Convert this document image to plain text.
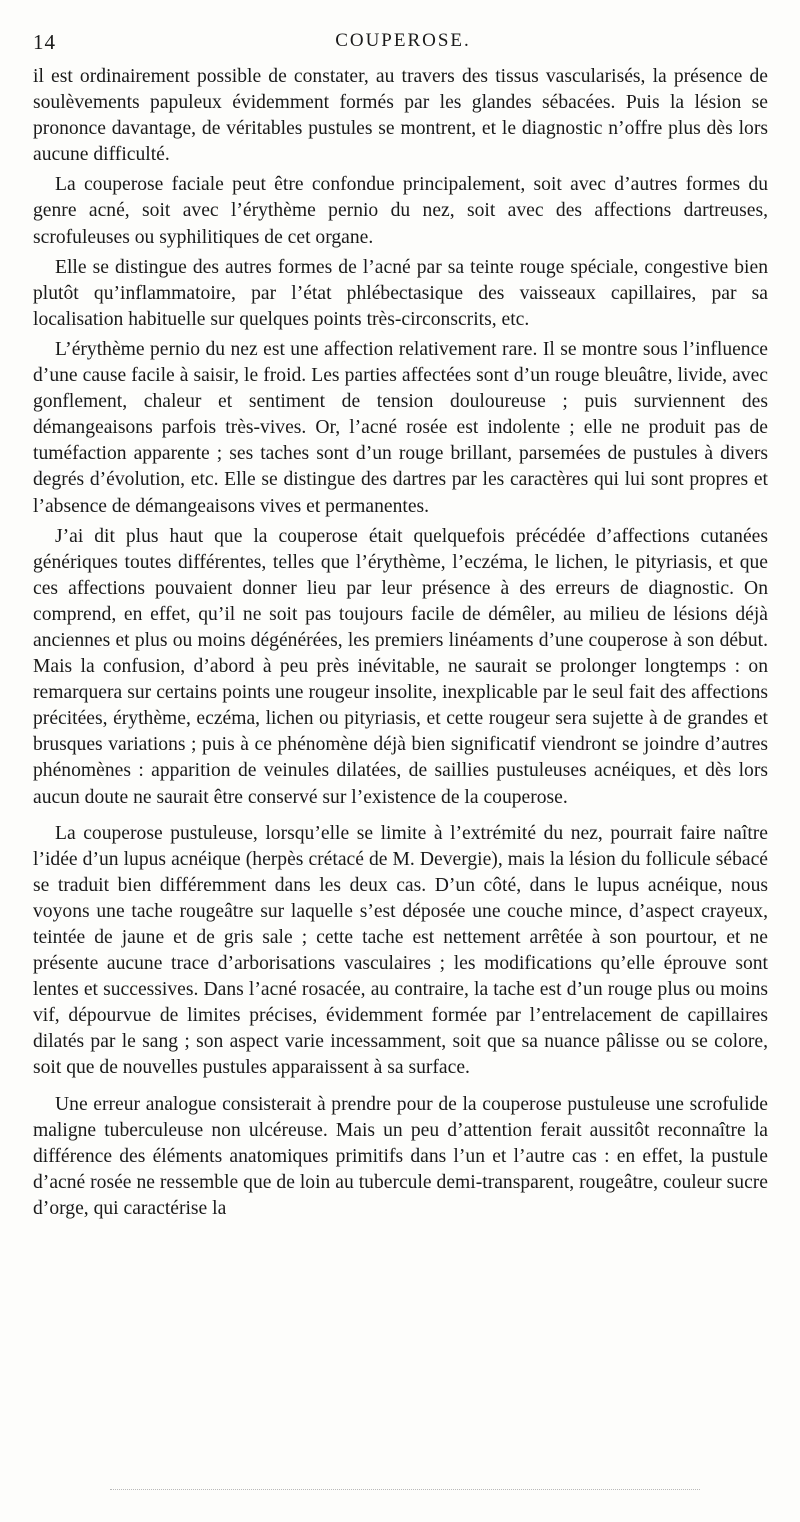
14	COUPEROSE.

il est ordinairement possible de constater, au travers des tissus vascularisés, la présence de soulèvements papuleux évidemment formés par les glandes sébacées. Puis la lésion se prononce davantage, de véritables pustules se montrent, et le diagnostic n’offre plus dès lors aucune difficulté.

La couperose faciale peut être confondue principalement, soit avec d’autres formes du genre acné, soit avec l’érythème pernio du nez, soit avec des affections dartreuses, scrofuleuses ou syphilitiques de cet organe.

Elle se distingue des autres formes de l’acné par sa teinte rouge spéciale, congestive bien plutôt qu’inflammatoire, par l’état phlébectasique des vaisseaux capillaires, par sa localisation habituelle sur quelques points très-circonscrits, etc.

L’érythème pernio du nez est une affection relativement rare. Il se montre sous l’influence d’une cause facile à saisir, le froid. Les parties affectées sont d’un rouge bleuâtre, livide, avec gonflement, chaleur et sentiment de tension douloureuse ; puis surviennent des démangeaisons parfois très-vives. Or, l’acné rosée est indolente ; elle ne produit pas de tuméfaction apparente ; ses taches sont d’un rouge brillant, parsemées de pustules à divers degrés d’évolution, etc. Elle se distingue des dartres par les caractères qui lui sont propres et l’absence de démangeaisons vives et permanentes.

J’ai dit plus haut que la couperose était quelquefois précédée d’affections cutanées génériques toutes différentes, telles que l’érythème, l’eczéma, le lichen, le pityriasis, et que ces affections pouvaient donner lieu par leur présence à des erreurs de diagnostic. On comprend, en effet, qu’il ne soit pas toujours facile de démêler, au milieu de lésions déjà anciennes et plus ou moins dégénérées, les premiers linéaments d’une couperose à son début. Mais la confusion, d’abord à peu près inévitable, ne saurait se prolonger longtemps : on remarquera sur certains points une rougeur insolite, inexplicable par le seul fait des affections précitées, érythème, eczéma, lichen ou pityriasis, et cette rougeur sera sujette à de grandes et brusques variations ; puis à ce phénomène déjà bien significatif viendront se joindre d’autres phénomènes : apparition de veinules dilatées, de saillies pustuleuses acnéiques, et dès lors aucun doute ne saurait être conservé sur l’existence de la couperose.

La couperose pustuleuse, lorsqu’elle se limite à l’extrémité du nez, pourrait faire naître l’idée d’un lupus acnéique (herpès crétacé de M. Devergie), mais la lésion du follicule sébacé se traduit bien différemment dans les deux cas. D’un côté, dans le lupus acnéique, nous voyons une tache rougeâtre sur laquelle s’est déposée une couche mince, d’aspect crayeux, teintée de jaune et de gris sale ; cette tache est nettement arrêtée à son pourtour, et ne présente aucune trace d’arborisations vasculaires ; les modifications qu’elle éprouve sont lentes et successives. Dans l’acné rosacée, au contraire, la tache est d’un rouge plus ou moins vif, dépourvue de limites précises, évidemment formée par l’entrelacement de capillaires dilatés par le sang ; son aspect varie incessamment, soit que sa nuance pâlisse ou se colore, soit que de nouvelles pustules apparaissent à sa surface.

Une erreur analogue consisterait à prendre pour de la couperose pustuleuse une scrofulide maligne tuberculeuse non ulcéreuse. Mais un peu d’attention ferait aussitôt reconnaître la différence des éléments anatomiques primitifs dans l’un et l’autre cas : en effet, la pustule d’acné rosée ne ressemble que de loin au tubercule demi-transparent, rougeâtre, couleur sucre d’orge, qui caractérise la
